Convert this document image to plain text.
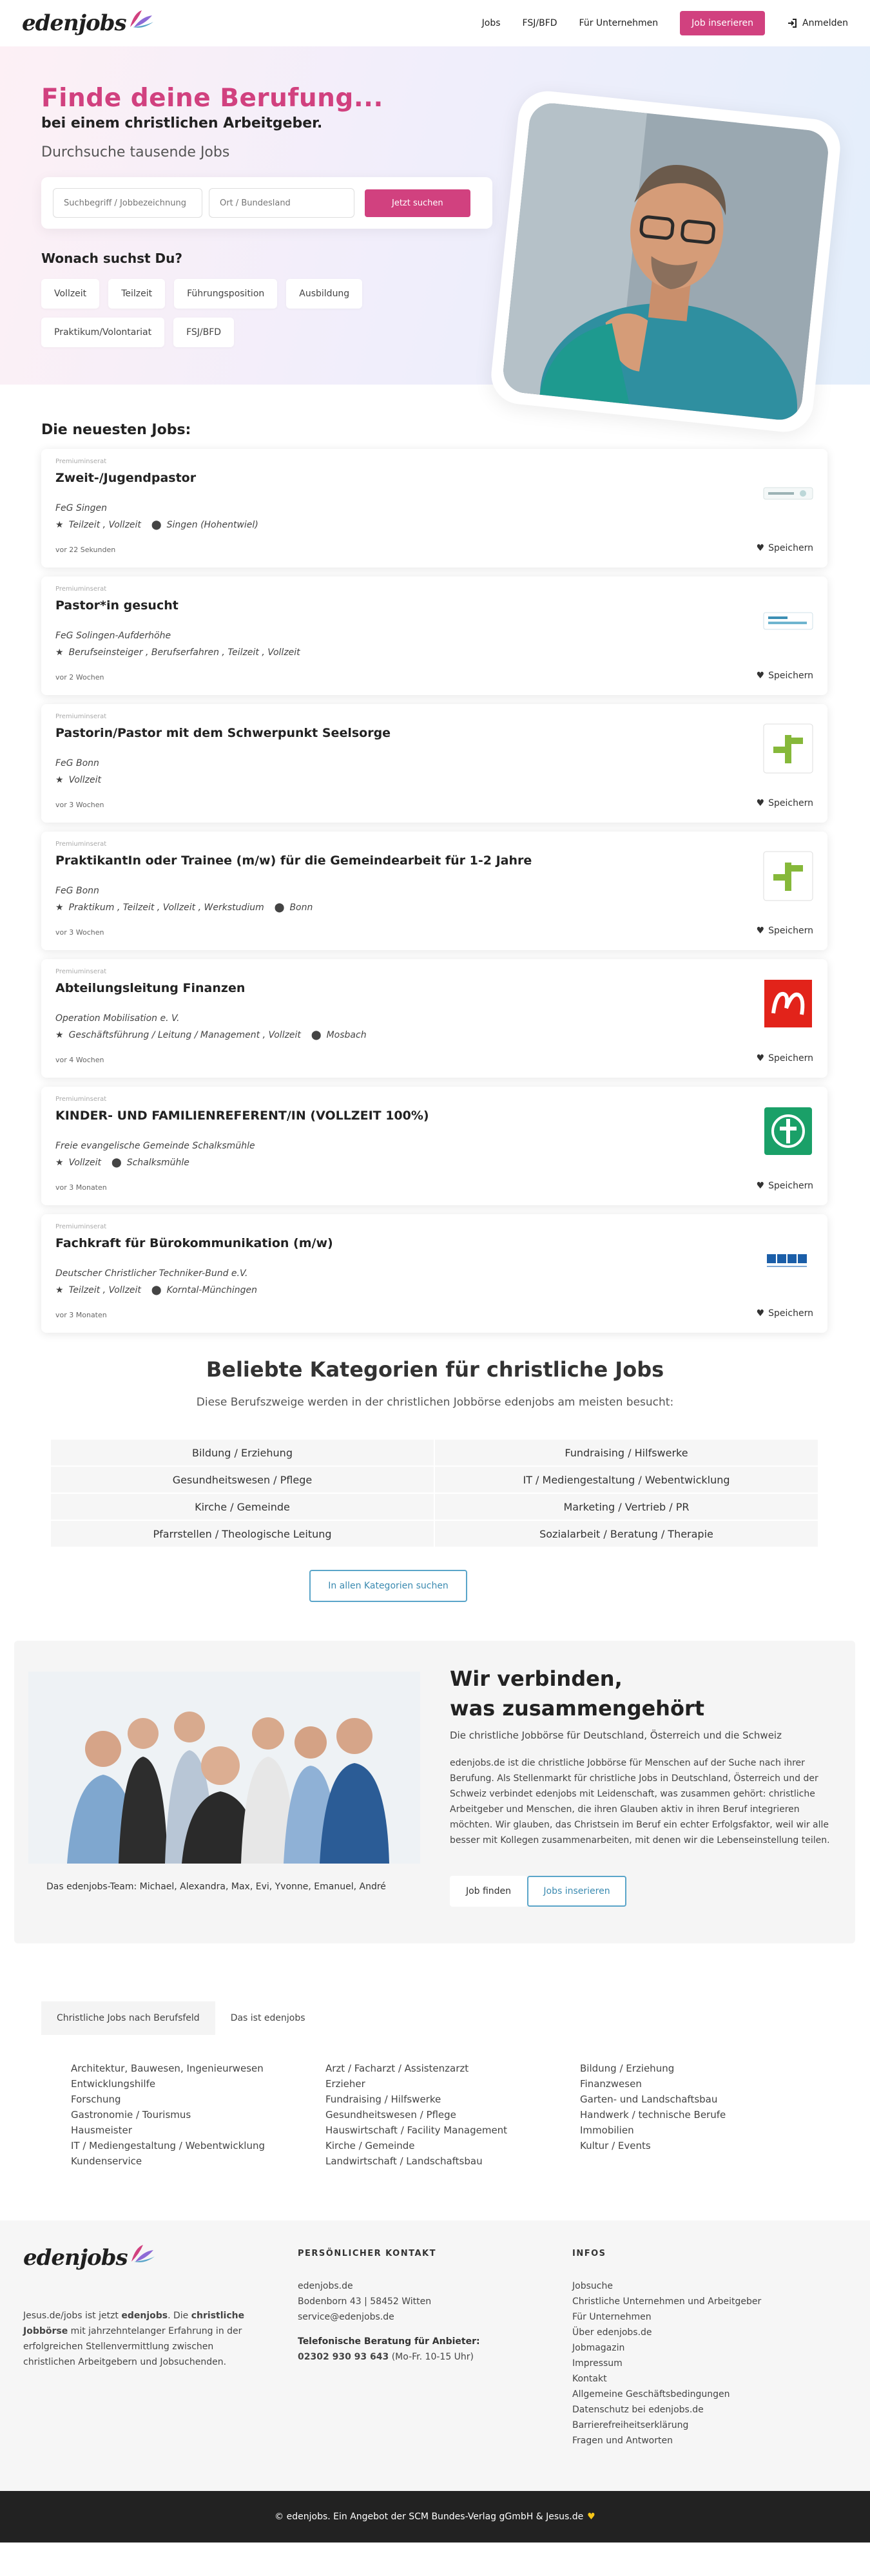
edenjobs	Jobs FSJ/BFD Für Unternehmen	Job inserieren	Anmelden
Finde deine Berufung...
bei einem christlichen Arbeitgeber.

Durchsuche tausende Jobs

Suchbegriff / Jobbezeichnung
Ort / Bundesland
Jetzt suchen

Wonach suchst Du?

Vollzeit	Teilzeit	Führungsposition	Ausbildung
Praktikum/Volontariat	FSJ/BFD
Die neuesten Jobs:
Premiuminserat
Zweit-/Jugendpastor
FeG Singen
★ Teilzeit , Vollzeit ⬤ Singen (Hohentwiel)
vor 22 Sekunden	♥ Speichern
Premiuminserat
Pastor*in gesucht
FeG Solingen-Aufderhöhe
★ Berufseinsteiger , Berufserfahren , Teilzeit , Vollzeit
vor 2 Wochen	♥ Speichern
Premiuminserat
Pastorin/Pastor mit dem Schwerpunkt Seelsorge
FeG Bonn
★ Vollzeit
vor 3 Wochen	♥ Speichern
Premiuminserat
PraktikantIn oder Trainee (m/w) für die Gemeindearbeit für 1-2 Jahre
FeG Bonn
★ Praktikum , Teilzeit , Vollzeit , Werkstudium ⬤ Bonn
vor 3 Wochen	♥ Speichern
Premiuminserat
Abteilungsleitung Finanzen
Operation Mobilisation e. V.
★ Geschäftsführung / Leitung / Management , Vollzeit ⬤ Mosbach
vor 4 Wochen	♥ Speichern
Premiuminserat
KINDER- UND FAMILIENREFERENT/IN (VOLLZEIT 100%)
Freie evangelische Gemeinde Schalksmühle
★ Vollzeit ⬤ Schalksmühle
vor 3 Monaten	♥ Speichern
Premiuminserat
Fachkraft für Bürokommunikation (m/w)
Deutscher Christlicher Techniker-Bund e.V.
★ Teilzeit , Vollzeit ⬤ Korntal-Münchingen
vor 3 Monaten	♥ Speichern
Beliebte Kategorien für christliche Jobs

Diese Berufszweige werden in der christlichen Jobbörse edenjobs am meisten besucht:

Bildung / Erziehung	Fundraising / Hilfswerke
Gesundheitswesen / Pflege	IT / Mediengestaltung / Webentwicklung
Kirche / Gemeinde	Marketing / Vertrieb / PR
Pfarrstellen / Theologische Leitung	Sozialarbeit / Beratung / Therapie
In allen Kategorien suchen

Das edenjobs-Team: Michael, Alexandra, Max, Evi, Yvonne, Emanuel, André

Wir verbinden,
was zusammengehört

Die christliche Jobbörse für Deutschland, Österreich und die Schweiz

edenjobs.de ist die christliche Jobbörse für Menschen auf der Suche nach ihrer Berufung. Als Stellenmarkt für christliche Jobs in Deutschland, Österreich und der Schweiz verbindet edenjobs mit Leidenschaft, was zusammen gehört: christliche Arbeitgeber und Menschen, die ihren Glauben aktiv in ihren Beruf integrieren möchten. Wir glauben, das Christsein im Beruf ein echter Erfolgsfaktor, weil wir alle besser mit Kollegen zusammenarbeiten, mit denen wir die Lebenseinstellung teilen.

Job finden	Jobs inserieren
Christliche Jobs nach Berufsfeld	Das ist edenjobs
Architektur, Bauwesen, Ingenieurwesen
Entwicklungshilfe
Forschung
Gastronomie / Tourismus
Hausmeister
IT / Mediengestaltung / Webentwicklung
Kundenservice
Arzt / Facharzt / Assistenzarzt
Erzieher
Fundraising / Hilfswerke
Gesundheitswesen / Pflege
Hauswirtschaft / Facility Management
Kirche / Gemeinde
Landwirtschaft / Landschaftsbau
Bildung / Erziehung
Finanzwesen
Garten- und Landschaftsbau
Handwerk / technische Berufe
Immobilien
Kultur / Events
edenjobs

Jesus.de/jobs ist jetzt edenjobs. Die christliche Jobbörse mit jahrzehntelanger Erfahrung in der erfolgreichen Stellenvermittlung zwischen christlichen Arbeitgebern und Jobsuchenden.

PERSÖNLICHER KONTAKT
edenjobs.de
Bodenborn 43 | 58452 Witten
service@edenjobs.de
Telefonische Beratung für Anbieter:
02302 930 93 643 (Mo-Fr. 10-15 Uhr)
INFOS
Jobsuche
Christliche Unternehmen und Arbeitgeber
Für Unternehmen
Über edenjobs.de
Jobmagazin
Impressum
Kontakt
Allgemeine Geschäftsbedingungen
Datenschutz bei edenjobs.de
Barrierefreiheitserklärung
Fragen und Antworten
© edenjobs. Ein Angebot der SCM Bundes-Verlag gGmbH & Jesus.de ♥
